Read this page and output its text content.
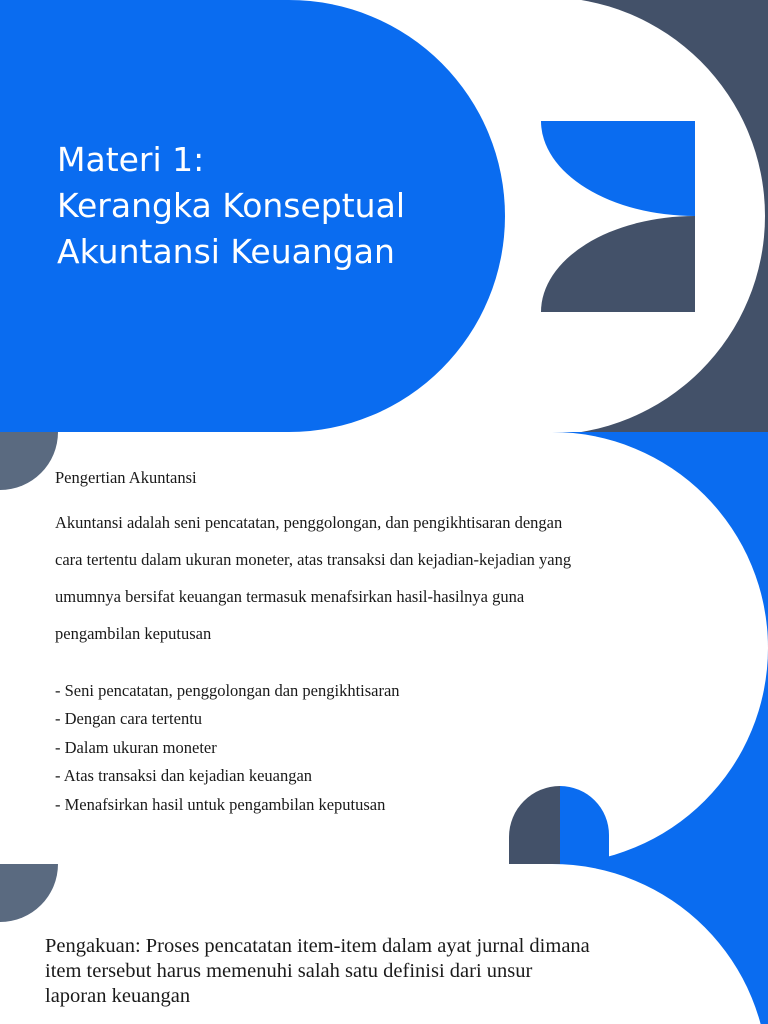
Materi 1:
Kerangka Konseptual
Akuntansi Keuangan
Pengertian Akuntansi
Akuntansi adalah seni pencatatan, penggolongan, dan pengikhtisaran dengan
cara tertentu dalam ukuran moneter, atas transaksi dan kejadian-kejadian yang
umumnya bersifat keuangan termasuk menafsirkan hasil-hasilnya guna
pengambilan keputusan
- Seni pencatatan, penggolongan dan pengikhtisaran
- Dengan cara tertentu
- Dalam ukuran moneter
- Atas transaksi dan kejadian keuangan
- Menafsirkan hasil untuk pengambilan keputusan
Pengakuan: Proses pencatatan item-item dalam ayat jurnal dimana
item tersebut harus memenuhi salah satu definisi dari unsur
laporan keuangan
